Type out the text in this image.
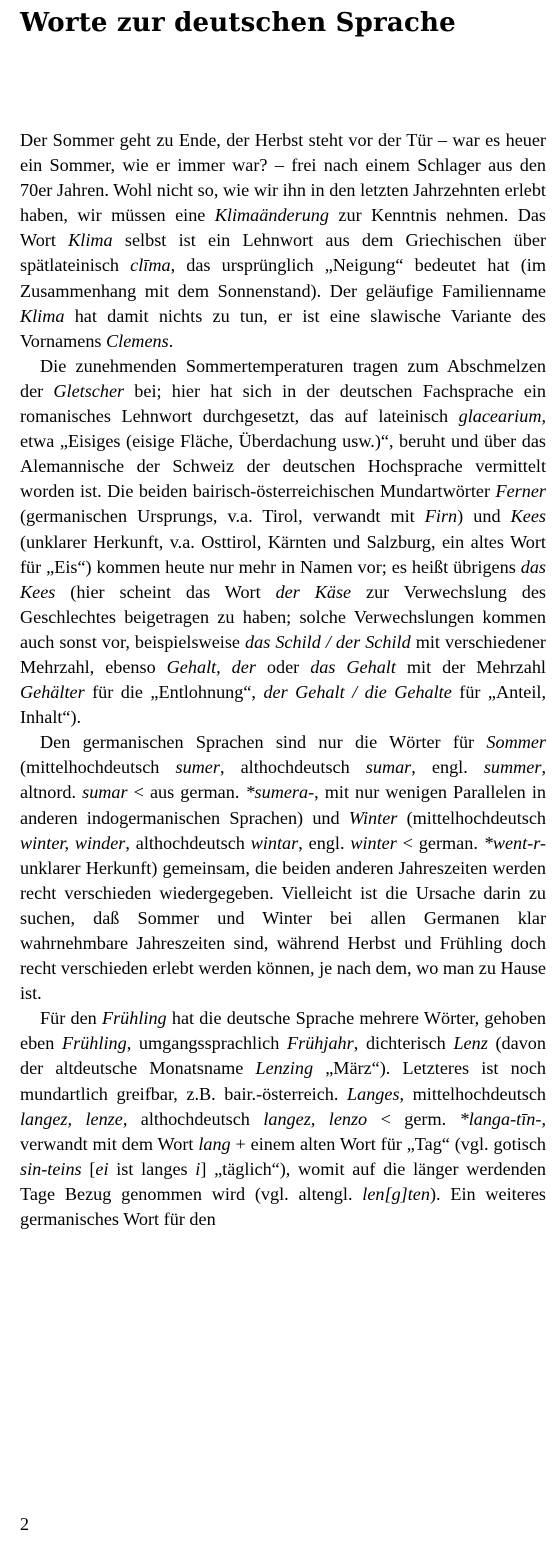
Worte zur deutschen Sprache

Der Sommer geht zu Ende, der Herbst steht vor der Tür – war es heuer ein Sommer, wie er immer war? – frei nach einem Schlager aus den 70er Jahren. Wohl nicht so, wie wir ihn in den letzten Jahrzehnten erlebt haben, wir müssen eine Klimaänderung zur Kenntnis nehmen. Das Wort Klima selbst ist ein Lehnwort aus dem Griechischen über spätlateinisch clīma, das ursprünglich „Neigung“ bedeutet hat (im Zusammenhang mit dem Sonnenstand). Der geläufige Familienname Klima hat damit nichts zu tun, er ist eine slawische Variante des Vornamens Clemens.

Die zunehmenden Sommertemperaturen tragen zum Abschmelzen der Gletscher bei; hier hat sich in der deutschen Fachsprache ein romanisches Lehnwort durchgesetzt, das auf lateinisch glacearium, etwa „Eisiges (eisige Fläche, Überdachung usw.)“, beruht und über das Alemannische der Schweiz der deutschen Hochsprache vermittelt worden ist. Die beiden bairisch-österreichischen Mundartwörter Ferner (germanischen Ursprungs, v.a. Tirol, verwandt mit Firn) und Kees (unklarer Herkunft, v.a. Osttirol, Kärnten und Salzburg, ein altes Wort für „Eis“) kommen heute nur mehr in Namen vor; es heißt übrigens das Kees (hier scheint das Wort der Käse zur Verwechslung des Geschlechtes beigetragen zu haben; solche Verwechslungen kommen auch sonst vor, beispielsweise das Schild / der Schild mit verschiedener Mehrzahl, ebenso Gehalt, der oder das Gehalt mit der Mehrzahl Gehälter für die „Entlohnung“, der Gehalt / die Gehalte für „Anteil, Inhalt“).

Den germanischen Sprachen sind nur die Wörter für Sommer (mittelhochdeutsch sumer, althochdeutsch sumar, engl. summer, altnord. sumar < aus german. *sumera-, mit nur wenigen Parallelen in anderen indogermanischen Sprachen) und Winter (mittelhochdeutsch winter, winder, althochdeutsch wintar, engl. winter < german. *went-r- unklarer Herkunft) gemeinsam, die beiden anderen Jahreszeiten werden recht verschieden wiedergegeben. Vielleicht ist die Ursache darin zu suchen, daß Sommer und Winter bei allen Germanen klar wahrnehmbare Jahreszeiten sind, während Herbst und Frühling doch recht verschieden erlebt werden können, je nach dem, wo man zu Hause ist.

Für den Frühling hat die deutsche Sprache mehrere Wörter, gehoben eben Frühling, umgangssprachlich Frühjahr, dichterisch Lenz (davon der altdeutsche Monatsname Lenzing „März“). Letzteres ist noch mundartlich greifbar, z.B. bair.-österreich. Langes, mittelhochdeutsch langez, lenze, althochdeutsch langez, lenzo < germ. *langa-tīn-, verwandt mit dem Wort lang + einem alten Wort für „Tag“ (vgl. gotisch sin-teins [ei ist langes i] „täglich“), womit auf die länger werdenden Tage Bezug genommen wird (vgl. altengl. len[g]ten). Ein weiteres germanisches Wort für den

2
